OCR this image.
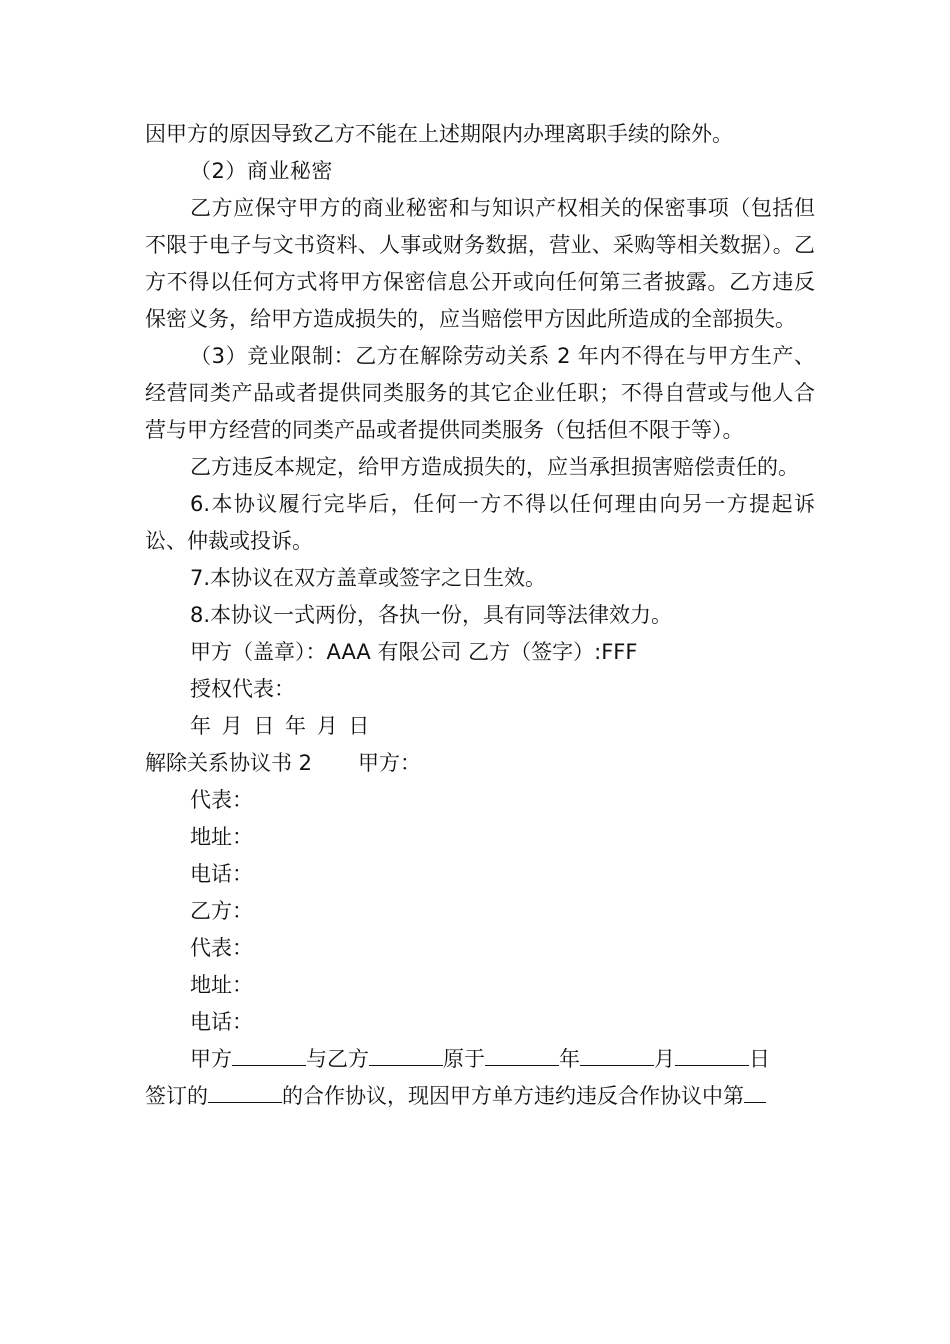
因甲方的原因导致乙方不能在上述期限内办理离职手续的除外。

（2）商业秘密

乙方应保守甲方的商业秘密和与知识产权相关的保密事项（包括但不限于电子与文书资料、人事或财务数据，营业、采购等相关数据）。乙方不得以任何方式将甲方保密信息公开或向任何第三者披露。乙方违反保密义务，给甲方造成损失的，应当赔偿甲方因此所造成的全部损失。

（3）竞业限制：乙方在解除劳动关系 2 年内不得在与甲方生产、经营同类产品或者提供同类服务的其它企业任职；不得自营或与他人合营与甲方经营的同类产品或者提供同类服务（包括但不限于等）。

乙方违反本规定，给甲方造成损失的，应当承担损害赔偿责任的。

6.本协议履行完毕后，任何一方不得以任何理由向另一方提起诉讼、仲裁或投诉。

7.本协议在双方盖章或签字之日生效。

8.本协议一式两份，各执一份，具有同等法律效力。

甲方（盖章）：AAA 有限公司 乙方（签字）:FFF

授权代表：

年 月 日 年 月 日

解除关系协议书 2 甲方：

代表：

地址：

电话：

乙方：

代表：

地址：

电话：

甲方	与乙方	原于	年	月	日

签订的	的合作协议，现因甲方单方违约违反合作协议中第
